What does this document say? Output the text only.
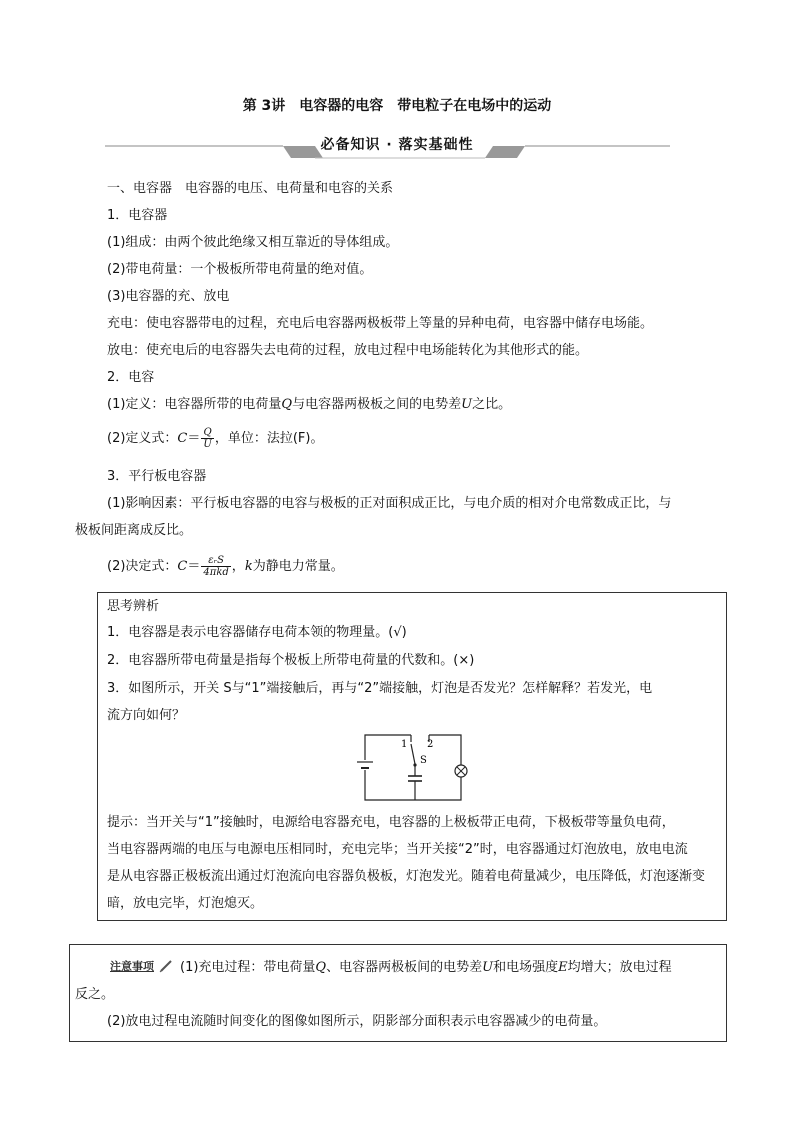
第 3讲　电容器的电容　带电粒子在电场中的运动
必备知识 · 落实基础性
一、电容器　电容器的电压、电荷量和电容的关系
1．电容器
(1)组成：由两个彼此绝缘又相互靠近的导体组成。
(2)带电荷量：一个极板所带电荷量的绝对值。
(3)电容器的充、放电
充电：使电容器带电的过程，充电后电容器两极板带上等量的异种电荷，电容器中储存电场能。
放电：使充电后的电容器失去电荷的过程，放电过程中电场能转化为其他形式的能。
2．电容
(1)定义：电容器所带的电荷量Q与电容器两极板之间的电势差U之比。
(2)定义式：$C= \frac{Q}{U}$ ，单位：法拉(F)。
3．平行板电容器
(1)影响因素：平行板电容器的电容与极板的正对面积成正比，与电介质的相对介电常数成正比，与
极板间距离成反比。
(2)决定式：$C= \frac{\text{εᵣS}}{\text{4πkd}}$ ，k为静电力常量。
思考辨析
1．电容器是表示电容器储存电荷本领的物理量。(√)
2．电容器所带电荷量是指每个极板上所带电荷量的代数和。(×)
3．如图所示，开关 S与“1”端接触后，再与“2”端接触，灯泡是否发光？怎样解释？若发光，电
流方向如何？
1 2
S
提示：当开关与“1”接触时，电源给电容器充电，电容器的上极板带正电荷，下极板带等量负电荷，
当电容器两端的电压与电源电压相同时，充电完毕；当开关接“2”时，电容器通过灯泡放电，放电电流
是从电容器正极板流出通过灯泡流向电容器负极板，灯泡发光。随着电荷量减少，电压降低，灯泡逐渐变
暗，放电完毕，灯泡熄灭。
注意事项	(1)充电过程：带电荷量Q、电容器两极板间的电势差U和电场强度E均增大；放电过程
反之。
(2)放电过程电流随时间变化的图像如图所示，阴影部分面积表示电容器减少的电荷量。
